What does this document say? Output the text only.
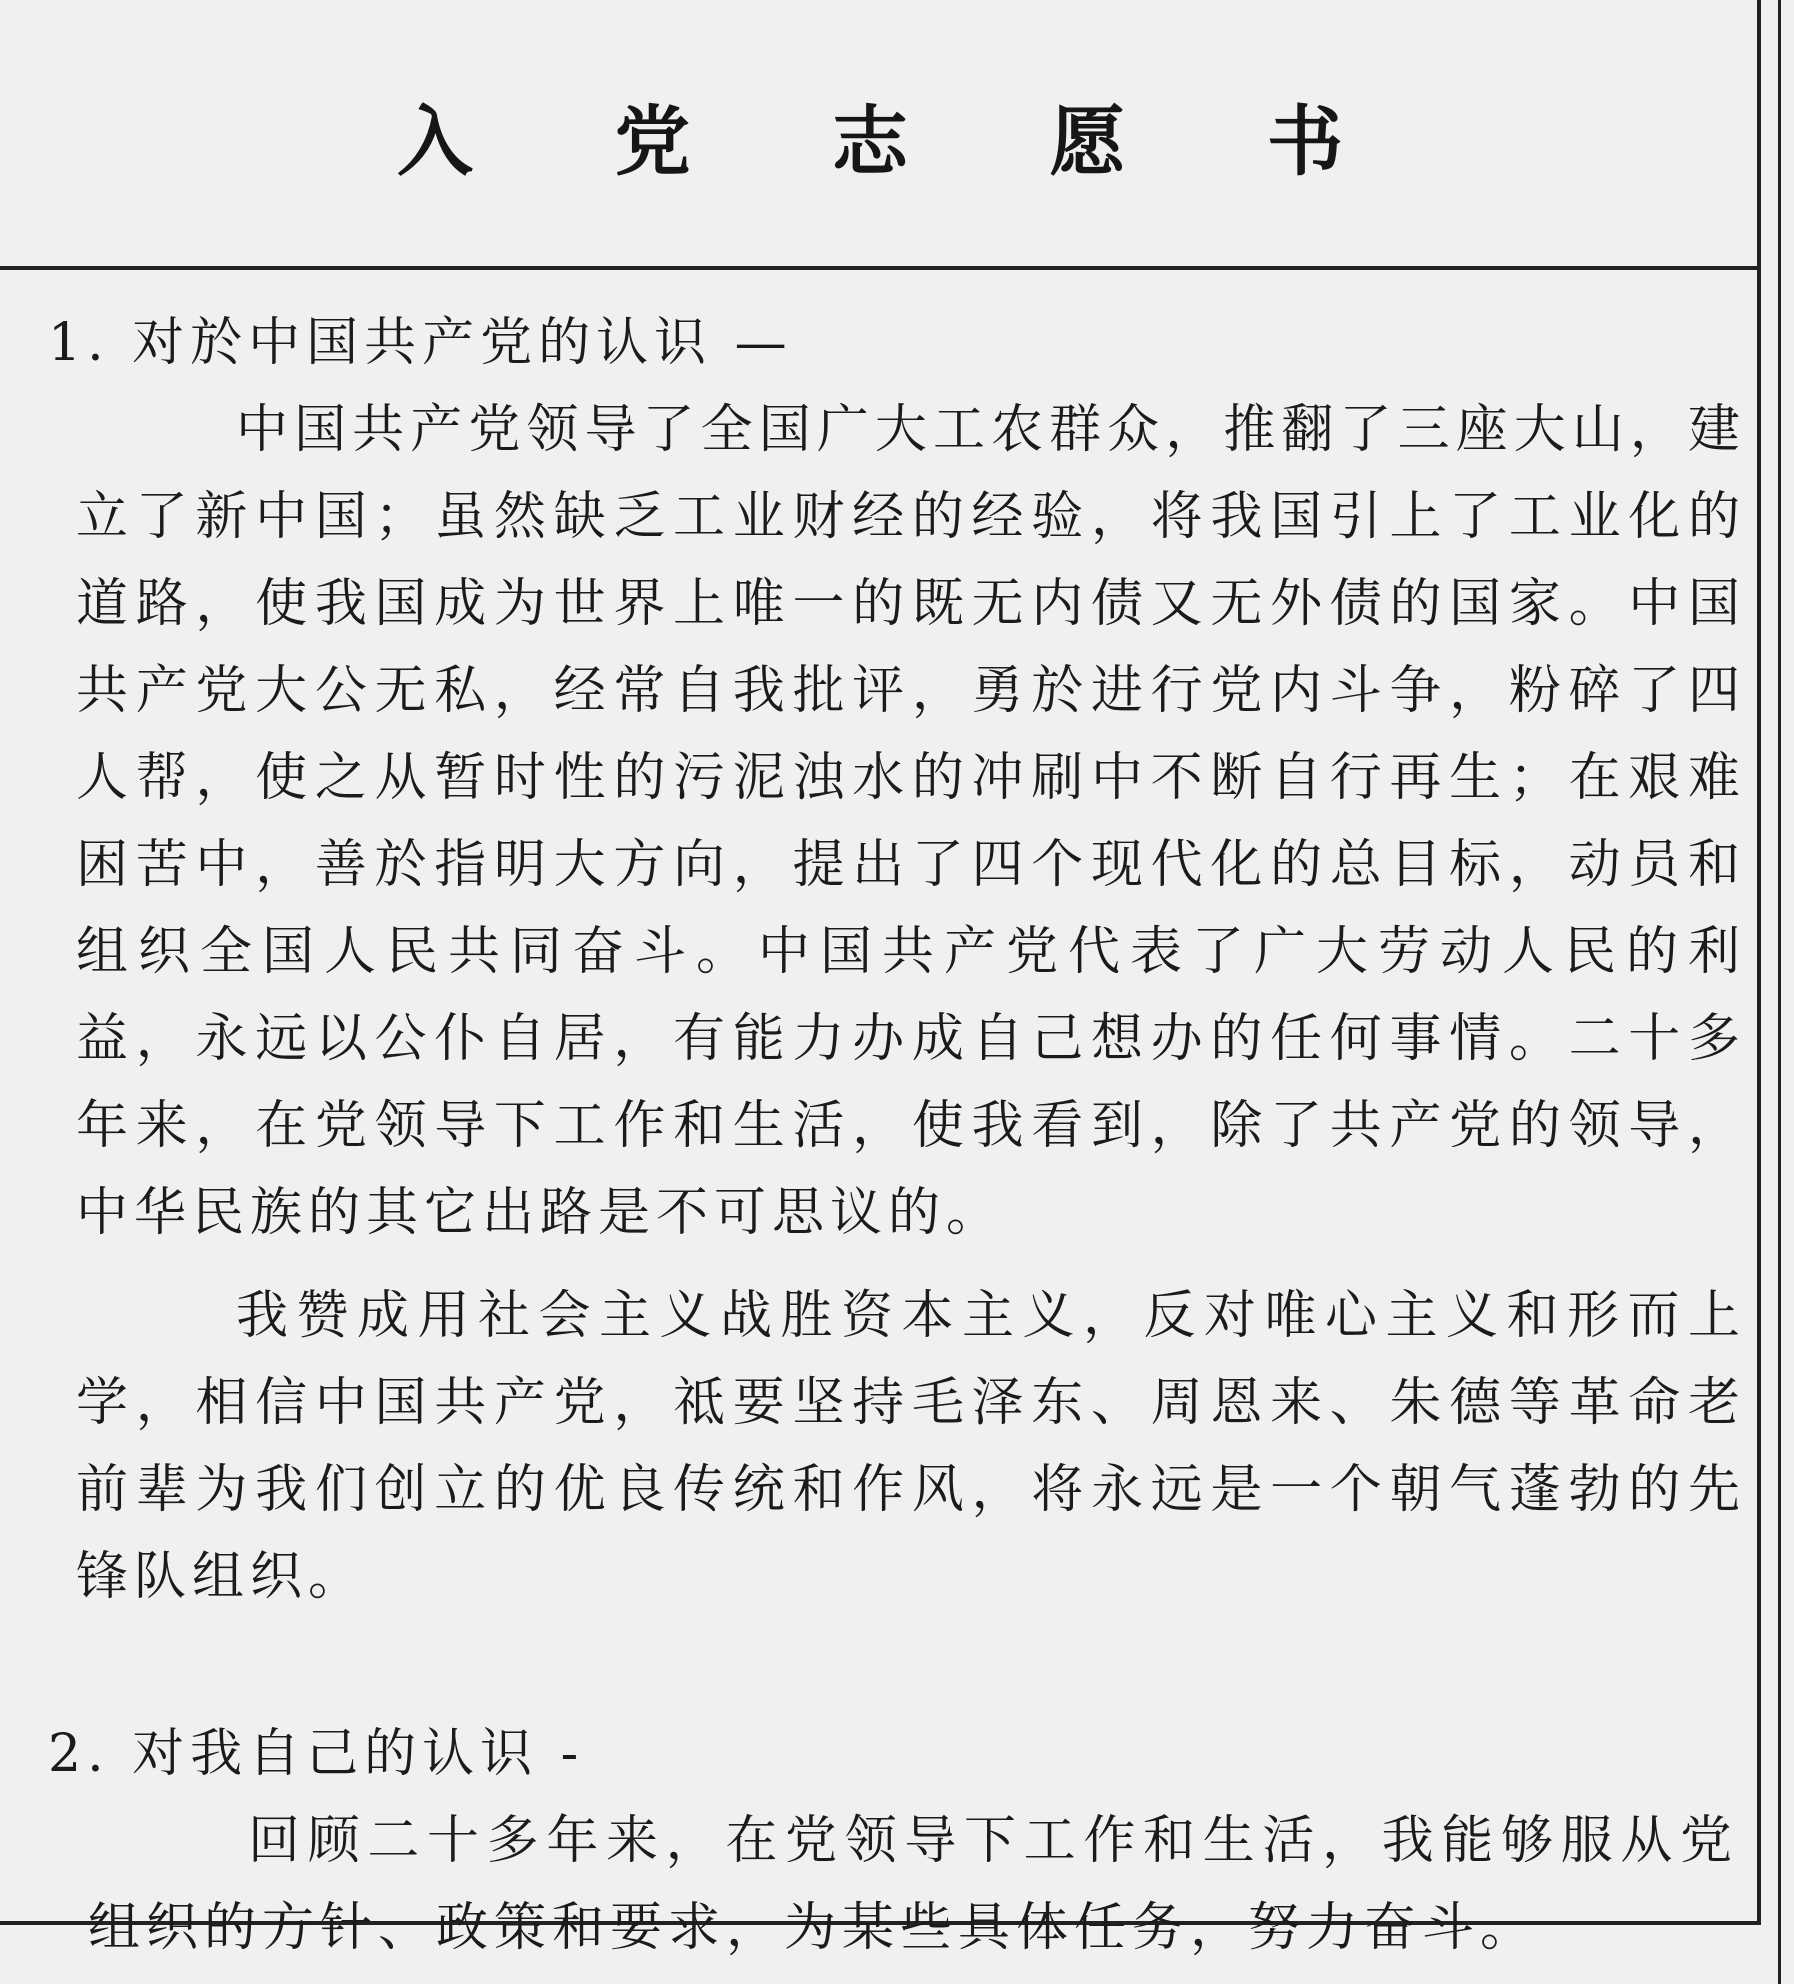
入 党 志 愿 书

1. 对於中国共产党的认识 —

中国共产党领导了全国广大工农群众，推翻了三座大山，建立了新中国；虽然缺乏工业财经的经验，将我国引上了工业化的道路，使我国成为世界上唯一的既无内债又无外债的国家。中国共产党大公无私，经常自我批评，勇於进行党内斗争，粉碎了四人帮，使之从暂时性的污泥浊水的冲刷中不断自行再生；在艰难困苦中，善於指明大方向，提出了四个现代化的总目标，动员和组织全国人民共同奋斗。中国共产党代表了广大劳动人民的利益，永远以公仆自居，有能力办成自己想办的任何事情。二十多年来，在党领导下工作和生活，使我看到，除了共产党的领导，中华民族的其它出路是不可思议的。

我赞成用社会主义战胜资本主义，反对唯心主义和形而上学，相信中国共产党，祗要坚持毛泽东、周恩来、朱德等革命老前辈为我们创立的优良传统和作风，将永远是一个朝气蓬勃的先锋队组织。

2. 对我自己的认识 -

回顾二十多年来，在党领导下工作和生活，我能够服从党组织的方针、政策和要求，为某些具体任务，努力奋斗。
